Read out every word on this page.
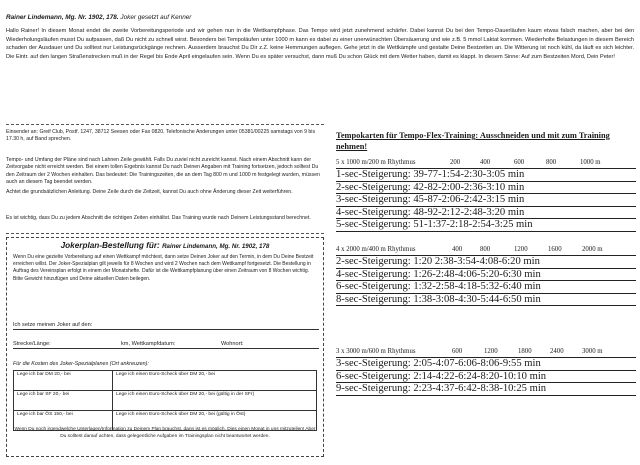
Rainer Lindemann, Mg. Nr. 1902, 178. Joker gesetzt auf Kenner
Hallo Rainer! In diesem Monat endet die zweite Vorbereitungsperiode und wir gehen nun in die Wettkampfphase. Das Tempo wird jetzt zunehmend schärfer. Dabei kannst Du bei den Tempo-Dauerläufen kaum etwas falsch machen, aber bei den Wiederholungsläufen musst Du aufpassen, daß Du nicht zu schnell wirst. Besonders bei Tempoläufen unter 1000 m kann es dabei zu einer unerwünschten Übersäuerung und wie z.B. 5 mmol Laktat kommen. Wiederholte Belastungen in diesem Bereich schaden der Ausdauer und Du solltest nur Leistungsrückgänge rechnen. Ausserdem brauchst Du Dir z.Z. keine Hemmungen auflegen. Gehe jetzt in die Wettkämpfe und gestalte Deine Bestzeiten an. Die Witterung ist noch kühl, da läuft es sich leichter. Die Eintr. auf den langen Straßenstrecken muß in der Regel bis Ende April eingelaufen sein. Wenn Du es später versuchst, dann muß Du schon Glück mit dem Wetter haben, damit es klappt. In diesem Sinne: Auf zum Bestzeiten Mord, Dein Peter!
Einsender an: Greif Club, Postf. 1247, 38712 Seesen oder Fax 0820. Telefonische Anderungen unter 05381/00225 samstags von 9 bis 17.30 h, auf Band sprechen.
Tempo- und Umfang der Pläne sind nach Lahnen Zeile gewählt. Falls Du zuviel nicht zureicht kannst. Nach einem Abschnitt kann der Zeitvorgabe nicht erreicht werden. Bei einem tollen Ergebnis kannst Du nach Deinen Angaben mit Training fortsetzen, jedoch solltest Du den Zeitraum der 2 Wochen einhalten. Das bedeutet: Die Trainingszeiten, die an dem Tag 800 m und 1000 m festgelegt wurden, müssen auch an diesem Tag beendet werden.
Achtet die grundsätzlichen Anleitung. Deine Zeile durch die Zeitzeit, kannst Du auch ohne Änderung dieser Zeit weiterführen.
Es ist wichtig, dass Du zu jedem Abschnitt die richtigen Zeiten einhältst. Das Training wurde nach Deinem Leistungsstand berechnet.
Jokerplan-Bestellung für: Rainer Lindemann, Mg. Nr. 1902, 178
Wenn Du eine gezielte Vorbereitung auf einen Wettkampf möchtest, dann setze Deinen Joker auf den Termin, in dem Du Deine Bestzeit erreichen willst. Der Joker-Spezialplan gilt jeweils für 8 Wochen und wird 2 Wochen nach dem Wettkampf fortgesetzt. Die Bestellung in Auftrag des Vereinsplan erfolgt in einem der Monatshefte. Dafür ist die Wettkampfplanung über einen Zeitraum von 8 Wochen wichtig. Bitte Gewicht hinzufügen und Deine aktuellen Daten beilegen.
Ich setze meinen Joker auf den:
Strecke/Länge:	km, Wettkampfdatum:	Wohnort:
Für die Kosten des Joker-Spezialplanes (Ort ankreuzen):
Lege ich bar DM 20,- bei	Lege ich einen Euro-Scheck über DM 20,- bei
Lege ich bar SF 20,- bei	Lege ich einen Euro-Scheck über DM 20,- bei (gültig in der SFr)
Lege ich bar ÖS 150,- bei	Lege ich einen Euro-Scheck über DM 20,- bei (gültig in Öst)
Wenn Du noch irgendwelche Unterlagen/Information zu Deinem Plan brauchst, dann ist es möglich, Dies einen Monat in uns mitzuteilen! Aber Du solltest darauf achten, dass gelegentliche Aufgaben im Trainingsplan nicht beantwortet werden.
Tempokarten für Tempo-Flex-Training: Ausschneiden und mit zum Training nehmen!
5 x 1000 m/200 m Rhythmus	200	400	600	800	1000 m
1-sec-Steigerung: 39-77-1:54-2:30-3:05 min
2-sec-Steigerung: 42-82-2:00-2:36-3:10 min
3-sec-Steigerung: 45-87-2:06-2:42-3:15 min
4-sec-Steigerung: 48-92-2:12-2:48-3:20 min
5-sec-Steigerung: 51-1:37-2:18-2:54-3:25 min
4 x 2000 m/400 m Rhythmus	400	800	1200	1600	2000 m
2-sec-Steigerung: 1:20 2:38-3:54-4:08-6:20 min
4-sec-Steigerung: 1:26-2:48-4:06-5:20-6:30 min
6-sec-Steigerung: 1:32-2:58-4:18-5:32-6:40 min
8-sec-Steigerung: 1:38-3:08-4:30-5:44-6:50 min
3 x 3000 m/600 m Rhythmus	600	1200	1800	2400	3000 m
3-sec-Steigerung: 2:05-4:07-6:06-8:06-9:55 min
6-sec-Steigerung: 2:14-4:22-6:24-8:20-10:10 min
9-sec-Steigerung: 2:23-4:37-6:42-8:38-10:25 min
